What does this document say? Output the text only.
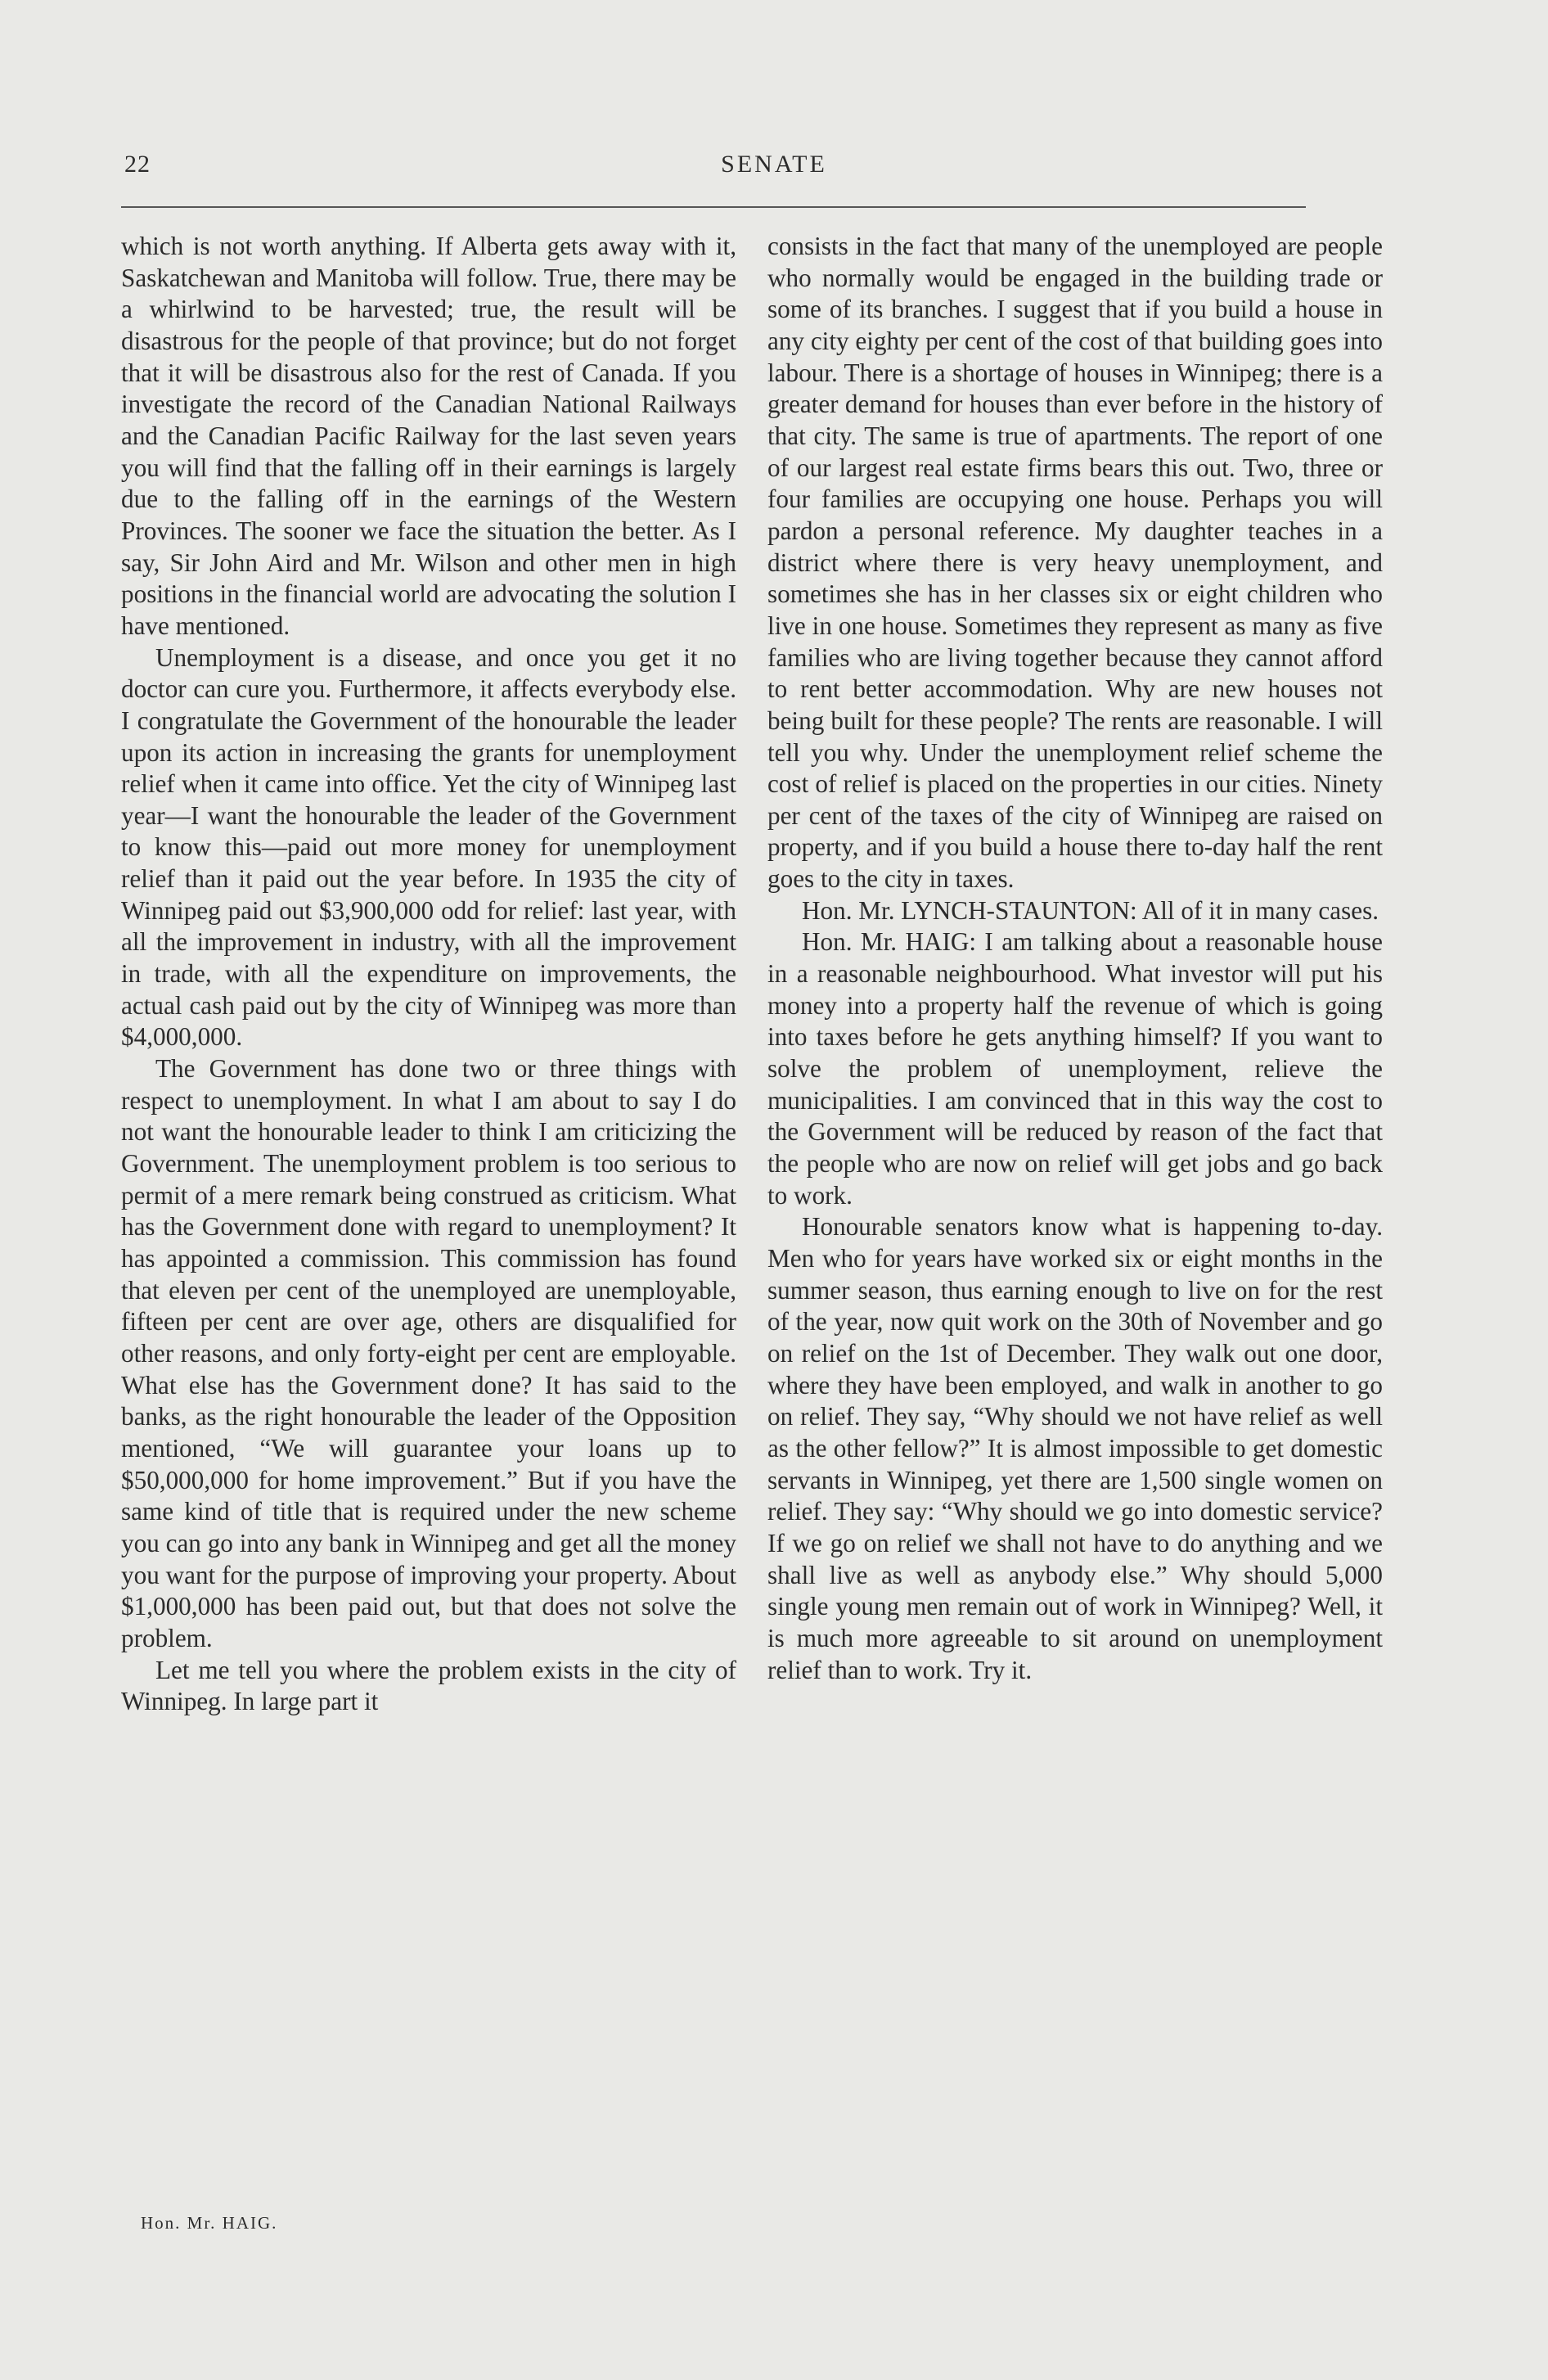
22	SENATE

which is not worth anything. If Alberta gets away with it, Saskatchewan and Manitoba will follow. True, there may be a whirlwind to be harvested; true, the result will be disastrous for the people of that province; but do not forget that it will be disastrous also for the rest of Canada. If you investigate the record of the Canadian National Railways and the Canadian Pacific Railway for the last seven years you will find that the falling off in their earnings is largely due to the falling off in the earnings of the Western Provinces. The sooner we face the situation the better. As I say, Sir John Aird and Mr. Wilson and other men in high positions in the financial world are advocating the solution I have mentioned.

Unemployment is a disease, and once you get it no doctor can cure you. Furthermore, it affects everybody else. I congratulate the Government of the honourable the leader upon its action in increasing the grants for unemployment relief when it came into office. Yet the city of Winnipeg last year—I want the honourable the leader of the Government to know this—paid out more money for unemployment relief than it paid out the year before. In 1935 the city of Winnipeg paid out $3,900,000 odd for relief: last year, with all the improvement in industry, with all the improvement in trade, with all the expenditure on improvements, the actual cash paid out by the city of Winnipeg was more than $4,000,000.

The Government has done two or three things with respect to unemployment. In what I am about to say I do not want the honourable leader to think I am criticizing the Government. The unemployment problem is too serious to permit of a mere remark being construed as criticism. What has the Government done with regard to unemployment? It has appointed a commission. This commission has found that eleven per cent of the unemployed are unemployable, fifteen per cent are over age, others are disqualified for other reasons, and only forty-eight per cent are employable. What else has the Government done? It has said to the banks, as the right honourable the leader of the Opposition mentioned, “We will guarantee your loans up to $50,000,000 for home improvement.” But if you have the same kind of title that is required under the new scheme you can go into any bank in Winnipeg and get all the money you want for the purpose of improving your property. About $1,000,000 has been paid out, but that does not solve the problem.

Let me tell you where the problem exists in the city of Winnipeg. In large part it

consists in the fact that many of the unemployed are people who normally would be engaged in the building trade or some of its branches. I suggest that if you build a house in any city eighty per cent of the cost of that building goes into labour. There is a shortage of houses in Winnipeg; there is a greater demand for houses than ever before in the history of that city. The same is true of apartments. The report of one of our largest real estate firms bears this out. Two, three or four families are occupying one house. Perhaps you will pardon a personal reference. My daughter teaches in a district where there is very heavy unemployment, and sometimes she has in her classes six or eight children who live in one house. Sometimes they represent as many as five families who are living together because they cannot afford to rent better accommodation. Why are new houses not being built for these people? The rents are reasonable. I will tell you why. Under the unemployment relief scheme the cost of relief is placed on the properties in our cities. Ninety per cent of the taxes of the city of Winnipeg are raised on property, and if you build a house there to-day half the rent goes to the city in taxes.

Hon. Mr. LYNCH-STAUNTON: All of it in many cases.

Hon. Mr. HAIG: I am talking about a reasonable house in a reasonable neighbourhood. What investor will put his money into a property half the revenue of which is going into taxes before he gets anything himself? If you want to solve the problem of unemployment, relieve the municipalities. I am convinced that in this way the cost to the Government will be reduced by reason of the fact that the people who are now on relief will get jobs and go back to work.

Honourable senators know what is happening to-day. Men who for years have worked six or eight months in the summer season, thus earning enough to live on for the rest of the year, now quit work on the 30th of November and go on relief on the 1st of December. They walk out one door, where they have been employed, and walk in another to go on relief. They say, “Why should we not have relief as well as the other fellow?” It is almost impossible to get domestic servants in Winnipeg, yet there are 1,500 single women on relief. They say: “Why should we go into domestic service? If we go on relief we shall not have to do anything and we shall live as well as anybody else.” Why should 5,000 single young men remain out of work in Winnipeg? Well, it is much more agreeable to sit around on unemployment relief than to work. Try it.

Hon. Mr. HAIG.
